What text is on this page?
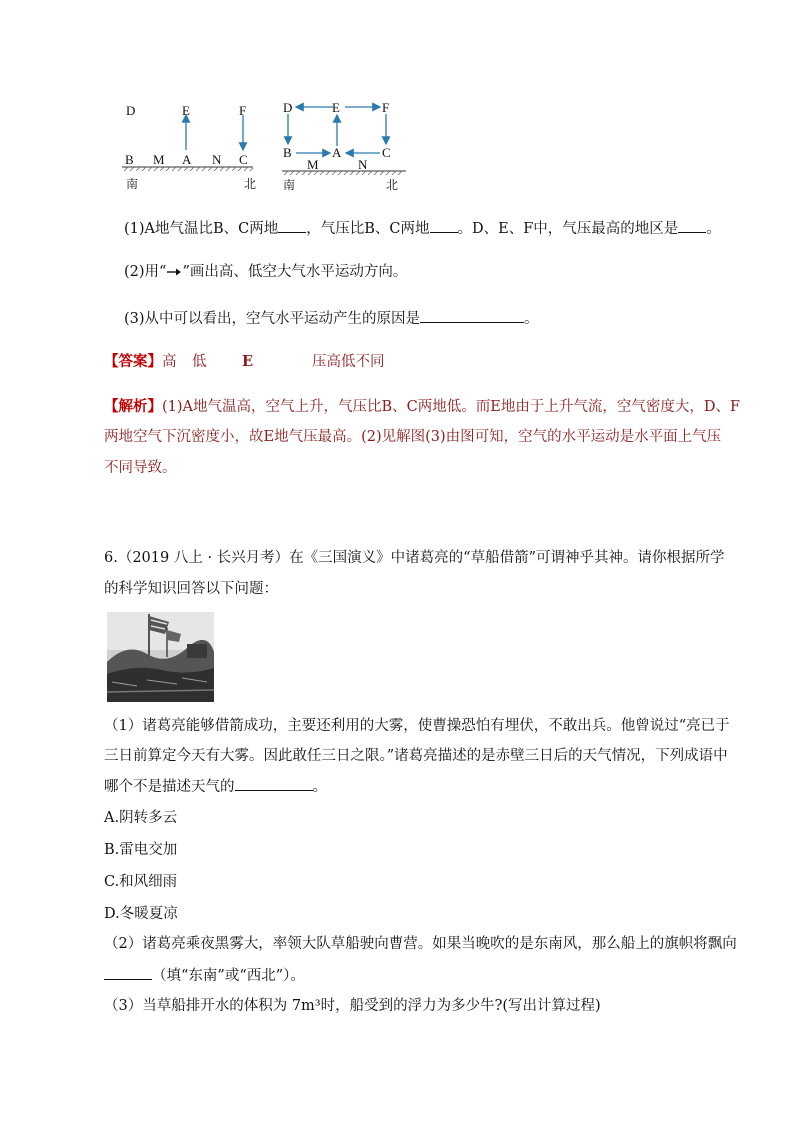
D	E	F
B M A N C
南	北
D	E	F
B	A	C
M	N
南	北
(1)A地气温比B、C两地 ，气压比B、C两地 。D、E、F中，气压最高的地区是 。
(2)用“ ”画出高、低空大气水平运动方向。
(3)从中可以看出，空气水平运动产生的原因是	。
【答案】高 低 E	压高低不同
【解析】(1)A地气温高，空气上升，气压比B、C两地低。而E地由于上升气流，空气密度大，D、F
两地空气下沉密度小，故E地气压最高。(2)见解图(3)由图可知，空气的水平运动是水平面上气压
不同导致。
6.（2019 八上 · 长兴月考）在《三国演义》中诸葛亮的“草船借箭”可谓神乎其神。请你根据所学
的科学知识回答以下问题：
（1）诸葛亮能够借箭成功，主要还利用的大雾，使曹操恐怕有埋伏，不敢出兵。他曾说过“亮已于
三日前算定今天有大雾。因此敢任三日之限。”诸葛亮描述的是赤壁三日后的天气情况，下列成语中
哪个不是描述天气的	。
A.阴转多云
B.雷电交加
C.和风细雨
D.冬暖夏凉
（2）诸葛亮乘夜黑雾大，率领大队草船驶向曹营。如果当晚吹的是东南风，那么船上的旗帜将飘向
（填“东南”或“西北”）。
（3）当草船排开水的体积为 7m³时，船受到的浮力为多少牛?(写出计算过程)
